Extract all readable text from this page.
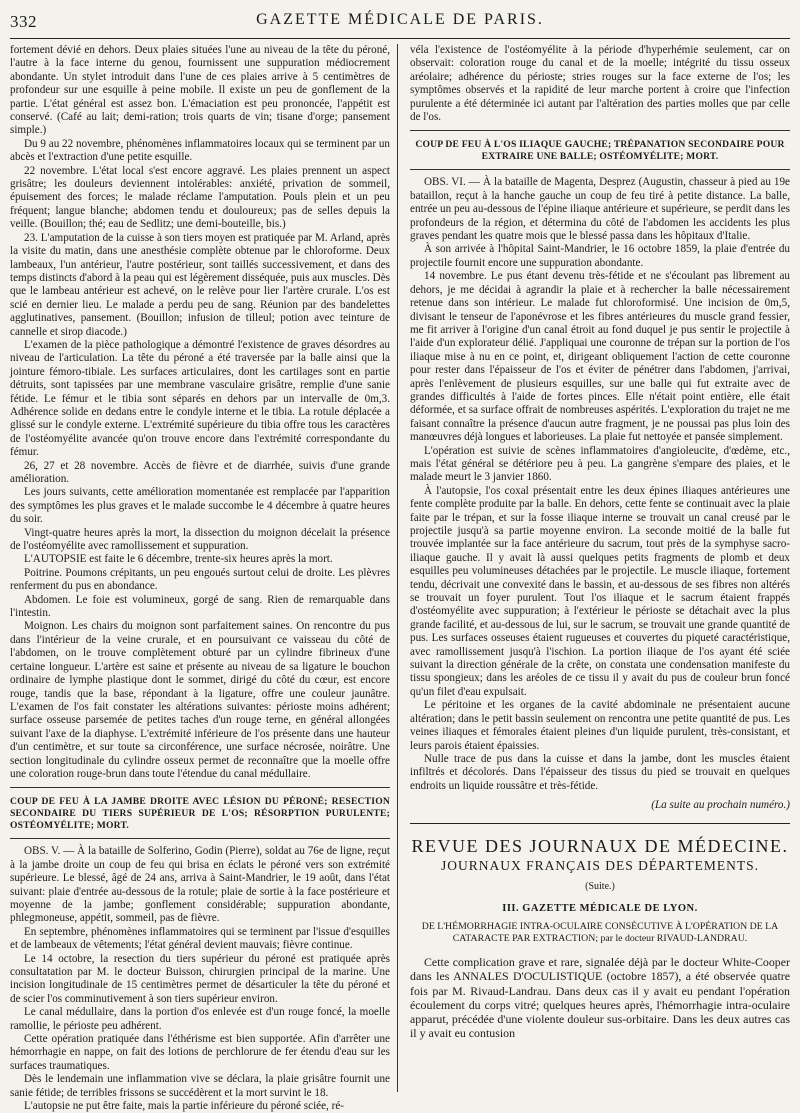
332	GAZETTE MÉDICALE DE PARIS.

fortement dévié en dehors. Deux plaies situées l'une au niveau de la tête du péroné, l'autre à la face interne du genou, fournissent une suppuration médiocrement abondante. Un stylet introduit dans l'une de ces plaies arrive à 5 centimètres de profondeur sur une esquille à peine mobile. Il existe un peu de gonflement de la partie. L'état général est assez bon. L'émaciation est peu prononcée, l'appétit est conservé. (Café au lait; demi-ration; trois quarts de vin; tisane d'orge; pansement simple.)

Du 9 au 22 novembre, phénomènes inflammatoires locaux qui se terminent par un abcès et l'extraction d'une petite esquille.

22 novembre. L'état local s'est encore aggravé. Les plaies prennent un aspect grisâtre; les douleurs deviennent intolérables: anxiété, privation de sommeil, épuisement des forces; le malade réclame l'amputation. Pouls plein et un peu fréquent; langue blanche; abdomen tendu et douloureux; pas de selles depuis la veille. (Bouillon; thé; eau de Sedlitz; une demi-bouteille, bis.)

23. L'amputation de la cuisse à son tiers moyen est pratiquée par M. Arland, après la visite du matin, dans une anesthésie complète obtenue par le chloroforme. Deux lambeaux, l'un antérieur, l'autre postérieur, sont taillés successivement, et dans des temps distincts d'abord à la peau qui est légèrement disséquée, puis aux muscles. Dès que le lambeau antérieur est achevé, on le relève pour lier l'artère crurale. L'os est scié en dernier lieu. Le malade a perdu peu de sang. Réunion par des bandelettes agglutinatives, pansement. (Bouillon; infusion de tilleul; potion avec teinture de cannelle et sirop diacode.)

L'examen de la pièce pathologique a démontré l'existence de graves désordres au niveau de l'articulation. La tête du péroné a été traversée par la balle ainsi que la jointure fémoro-tibiale. Les surfaces articulaires, dont les cartilages sont en partie détruits, sont tapissées par une membrane vasculaire grisâtre, remplie d'une sanie fétide. Le fémur et le tibia sont séparés en dehors par un intervalle de 0m,3. Adhérence solide en dedans entre le condyle interne et le tibia. La rotule déplacée a glissé sur le condyle externe. L'extrémité supérieure du tibia offre tous les caractères de l'ostéomyélite avancée qu'on trouve encore dans l'extrémité correspondante du fémur.

26, 27 et 28 novembre. Accès de fièvre et de diarrhée, suivis d'une grande amélioration.

Les jours suivants, cette amélioration momentanée est remplacée par l'apparition des symptômes les plus graves et le malade succombe le 4 décembre à quatre heures du soir.

Vingt-quatre heures après la mort, la dissection du moignon décelait la présence de l'ostéomyélite avec ramollissement et suppuration.

L'AUTOPSIE est faite le 6 décembre, trente-six heures après la mort.

Poitrine. Poumons crépitants, un peu engoués surtout celui de droite. Les plèvres renferment du pus en abondance.

Abdomen. Le foie est volumineux, gorgé de sang. Rien de remarquable dans l'intestin.

Moignon. Les chairs du moignon sont parfaitement saines. On rencontre du pus dans l'intérieur de la veine crurale, et en poursuivant ce vaisseau du côté de l'abdomen, on le trouve complètement obturé par un cylindre fibrineux d'une certaine longueur. L'artère est saine et présente au niveau de sa ligature le bouchon ordinaire de lymphe plastique dont le sommet, dirigé du côté du cœur, est encore rouge, tandis que la base, répondant à la ligature, offre une couleur jaunâtre. L'examen de l'os fait constater les altérations suivantes: périoste moins adhérent; surface osseuse parsemée de petites taches d'un rouge terne, en général allongées suivant l'axe de la diaphyse. L'extrémité inférieure de l'os présente dans une hauteur d'un centimètre, et sur toute sa circonférence, une surface nécrosée, noirâtre. Une section longitudinale du cylindre osseux permet de reconnaître que la moelle offre une coloration rouge-brun dans toute l'étendue du canal médullaire.

COUP DE FEU À LA JAMBE DROITE AVEC LÉSION DU PÉRONÉ; RESECTION SECONDAIRE DU TIERS SUPÉRIEUR DE L'OS; RÉSORPTION PURULENTE; OSTÉOMYÉLITE; MORT.

OBS. V. — À la bataille de Solferino, Godin (Pierre), soldat au 76e de ligne, reçut à la jambe droite un coup de feu qui brisa en éclats le péroné vers son extrémité supérieure. Le blessé, âgé de 24 ans, arriva à Saint-Mandrier, le 19 août, dans l'état suivant: plaie d'entrée au-dessous de la rotule; plaie de sortie à la face postérieure et moyenne de la jambe; gonflement considérable; suppuration abondante, phlegmoneuse, appétit, sommeil, pas de fièvre.

En septembre, phénomènes inflammatoires qui se terminent par l'issue d'esquilles et de lambeaux de vêtements; l'état général devient mauvais; fièvre continue.

Le 14 octobre, la resection du tiers supérieur du péroné est pratiquée après consultatation par M. le docteur Buisson, chirurgien principal de la marine. Une incision longitudinale de 15 centimètres permet de désarticuler la tête du péroné et de scier l'os comminutivement à son tiers supérieur environ.

Le canal médullaire, dans la portion d'os enlevée est d'un rouge foncé, la moelle ramollie, le périoste peu adhérent.

Cette opération pratiquée dans l'éthérisme est bien supportée. Afin d'arrêter une hémorrhagie en nappe, on fait des lotions de perchlorure de fer étendu d'eau sur les surfaces traumatiques.

Dès le lendemain une inflammation vive se déclara, la plaie grisâtre fournit une sanie fétide; de terribles frissons se succédèrent et la mort survint le 18.

L'autopsie ne put être faite, mais la partie inférieure du péroné sciée, ré-

véla l'existence de l'ostéomyélite à la période d'hyperhémie seulement, car on observait: coloration rouge du canal et de la moelle; intégrité du tissu osseux aréolaire; adhérence du périoste; stries rouges sur la face externe de l'os; les symptômes observés et la rapidité de leur marche portent à croire que l'infection purulente a été déterminée ici autant par l'altération des parties molles que par celle de l'os.

COUP DE FEU À L'OS ILIAQUE GAUCHE; TRÉPANATION SECONDAIRE POUR EXTRAIRE UNE BALLE; OSTÉOMYÉLITE; MORT.

OBS. VI. — À la bataille de Magenta, Desprez (Augustin, chasseur à pied au 19e bataillon, reçut à la hanche gauche un coup de feu tiré à petite distance. La balle, entrée un peu au-dessous de l'épine iliaque antérieure et supérieure, se perdit dans les profondeurs de la région, et détermina du côté de l'abdomen les accidents les plus graves pendant les quatre mois que le blessé passa dans les hôpitaux d'Italie.

À son arrivée à l'hôpital Saint-Mandrier, le 16 octobre 1859, la plaie d'entrée du projectile fournit encore une suppuration abondante.

14 novembre. Le pus étant devenu très-fétide et ne s'écoulant pas librement au dehors, je me décidai à agrandir la plaie et à rechercher la balle nécessairement retenue dans son intérieur. Le malade fut chloroformisé. Une incision de 0m,5, divisant le tenseur de l'aponévrose et les fibres antérieures du muscle grand fessier, me fit arriver à l'origine d'un canal étroit au fond duquel je pus sentir le projectile à l'aide d'un explorateur délié. J'appliquai une couronne de trépan sur la portion de l'os iliaque mise à nu en ce point, et, dirigeant obliquement l'action de cette couronne pour rester dans l'épaisseur de l'os et éviter de pénétrer dans l'abdomen, j'arrivai, après l'enlèvement de plusieurs esquilles, sur une balle qui fut extraite avec de grandes difficultés à l'aide de fortes pinces. Elle n'était point entière, elle était déformée, et sa surface offrait de nombreuses aspérités. L'exploration du trajet ne me faisant connaître la présence d'aucun autre fragment, je ne poussai pas plus loin des manœuvres déjà longues et laborieuses. La plaie fut nettoyée et pansée simplement.

L'opération est suivie de scènes inflammatoires d'angioleucite, d'œdème, etc., mais l'état général se détériore peu à peu. La gangrène s'empare des plaies, et le malade meurt le 3 janvier 1860.

À l'autopsie, l'os coxal présentait entre les deux épines iliaques antérieures une fente complète produite par la balle. En dehors, cette fente se continuait avec la plaie faite par le trépan, et sur la fosse iliaque interne se trouvait un canal creusé par le projectile jusqu'à sa partie moyenne environ. La seconde moitié de la balle fut trouvée implantée sur la face antérieure du sacrum, tout près de la symphyse sacro-iliaque gauche. Il y avait là aussi quelques petits fragments de plomb et deux esquilles peu volumineuses détachées par le projectile. Le muscle iliaque, fortement tendu, décrivait une convexité dans le bassin, et au-dessous de ses fibres non altérés se trouvait un foyer purulent. Tout l'os iliaque et le sacrum étaient frappés d'ostéomyélite avec suppuration; à l'extérieur le périoste se détachait avec la plus grande facilité, et au-dessous de lui, sur le sacrum, se trouvait une grande quantité de pus. Les surfaces osseuses étaient rugueuses et couvertes du piqueté caractéristique, avec ramollissement jusqu'à l'ischion. La portion iliaque de l'os ayant été sciée suivant la direction générale de la crête, on constata une condensation manifeste du tissu spongieux; dans les aréoles de ce tissu il y avait du pus de couleur brun foncé qu'un filet d'eau expulsait.

Le péritoine et les organes de la cavité abdominale ne présentaient aucune altération; dans le petit bassin seulement on rencontra une petite quantité de pus. Les veines iliaques et fémorales étaient pleines d'un liquide purulent, très-consistant, et leurs parois étaient épaissies.

Nulle trace de pus dans la cuisse et dans la jambe, dont les muscles étaient infiltrés et décolorés. Dans l'épaisseur des tissus du pied se trouvait en quelques endroits un liquide roussâtre et très-fétide.

(La suite au prochain numéro.)

REVUE DES JOURNAUX DE MÉDECINE.

JOURNAUX FRANÇAIS DES DÉPARTEMENTS.

(Suite.)

III. GAZETTE MÉDICALE DE LYON.

DE L'HÉMORRHAGIE INTRA-OCULAIRE CONSÉCUTIVE À L'OPÉRATION DE LA CATARACTE PAR EXTRACTION; par le docteur RIVAUD-LANDRAU.

Cette complication grave et rare, signalée déjà par le docteur White-Cooper dans les ANNALES D'OCULISTIQUE (octobre 1857), a été observée quatre fois par M. Rivaud-Landrau. Dans deux cas il y avait eu pendant l'opération écoulement du corps vitré; quelques heures après, l'hémorrhagie intra-oculaire apparut, précédée d'une violente douleur sus-orbitaire. Dans les deux autres cas il y avait eu contusion
